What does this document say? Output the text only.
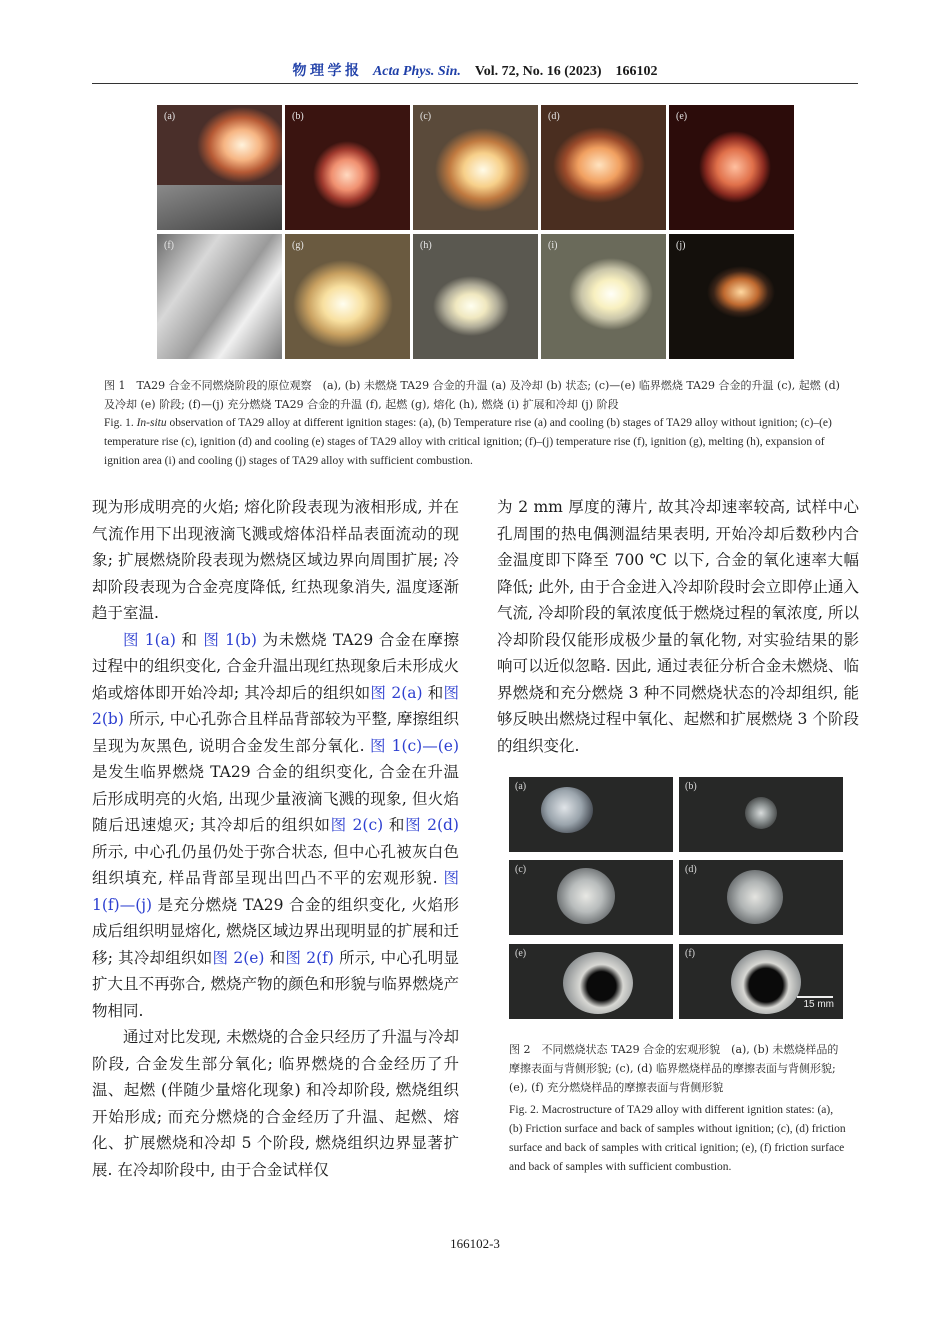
物 理 学 报 Acta Phys. Sin. Vol. 72, No. 16 (2023) 166102
(a)	(b)	(c)	(d)	(e)
(f)	(g)	(h)	(i)	(j)

图 1　TA29 合金不同燃烧阶段的原位观察　(a), (b) 未燃烧 TA29 合金的升温 (a) 及冷却 (b) 状态; (c)—(e) 临界燃烧 TA29 合金的升温 (c), 起燃 (d) 及冷却 (e) 阶段; (f)—(j) 充分燃烧 TA29 合金的升温 (f), 起燃 (g), 熔化 (h), 燃烧 (i) 扩展和冷却 (j) 阶段

Fig. 1. In-situ observation of TA29 alloy at different ignition stages: (a), (b) Temperature rise (a) and cooling (b) stages of TA29 alloy without ignition; (c)–(e) temperature rise (c), ignition (d) and cooling (e) stages of TA29 alloy with critical ignition; (f)–(j) temperature rise (f), ignition (g), melting (h), expansion of ignition area (i) and cooling (j) stages of TA29 alloy with sufficient combustion.

现为形成明亮的火焰; 熔化阶段表现为液相形成, 并在气流作用下出现液滴飞溅或熔体沿样品表面流动的现象; 扩展燃烧阶段表现为燃烧区域边界向周围扩展; 冷却阶段表现为合金亮度降低, 红热现象消失, 温度逐渐趋于室温.

图 1(a) 和 图 1(b) 为未燃烧 TA29 合金在摩擦过程中的组织变化, 合金升温出现红热现象后未形成火焰或熔体即开始冷却; 其冷却后的组织如图 2(a) 和图 2(b) 所示, 中心孔弥合且样品背部较为平整, 摩擦组织呈现为灰黑色, 说明合金发生部分氧化. 图 1(c)—(e) 是发生临界燃烧 TA29 合金的组织变化, 合金在升温后形成明亮的火焰, 出现少量液滴飞溅的现象, 但火焰随后迅速熄灭; 其冷却后的组织如图 2(c) 和图 2(d) 所示, 中心孔仍虽仍处于弥合状态, 但中心孔被灰白色组织填充, 样品背部呈现出凹凸不平的宏观形貌. 图 1(f)—(j) 是充分燃烧 TA29 合金的组织变化, 火焰形成后组织明显熔化, 燃烧区域边界出现明显的扩展和迁移; 其冷却组织如图 2(e) 和图 2(f) 所示, 中心孔明显扩大且不再弥合, 燃烧产物的颜色和形貌与临界燃烧产物相同.

通过对比发现, 未燃烧的合金只经历了升温与冷却阶段, 合金发生部分氧化; 临界燃烧的合金经历了升温、起燃 (伴随少量熔化现象) 和冷却阶段, 燃烧组织开始形成; 而充分燃烧的合金经历了升温、起燃、熔化、扩展燃烧和冷却 5 个阶段, 燃烧组织边界显著扩展. 在冷却阶段中, 由于合金试样仅

为 2 mm 厚度的薄片, 故其冷却速率较高, 试样中心孔周围的热电偶测温结果表明, 开始冷却后数秒内合金温度即下降至 700 ℃ 以下, 合金的氧化速率大幅降低; 此外, 由于合金进入冷却阶段时会立即停止通入气流, 冷却阶段的氧浓度低于燃烧过程的氧浓度, 所以冷却阶段仅能形成极少量的氧化物, 对实验结果的影响可以近似忽略. 因此, 通过表征分析合金未燃烧、临界燃烧和充分燃烧 3 种不同燃烧状态的冷却组织, 能够反映出燃烧过程中氧化、起燃和扩展燃烧 3 个阶段的组织变化.

(a)	(b)
(c)	(d)
(e)	(f)
15 mm

图 2　不同燃烧状态 TA29 合金的宏观形貌　(a), (b) 未燃烧样品的摩擦表面与背侧形貌; (c), (d) 临界燃烧样品的摩擦表面与背侧形貌; (e), (f) 充分燃烧样品的摩擦表面与背侧形貌

Fig. 2. Macrostructure of TA29 alloy with different ignition states: (a), (b) Friction surface and back of samples without ignition; (c), (d) friction surface and back of samples with critical ignition; (e), (f) friction surface and back of samples with sufficient combustion.

166102-3
